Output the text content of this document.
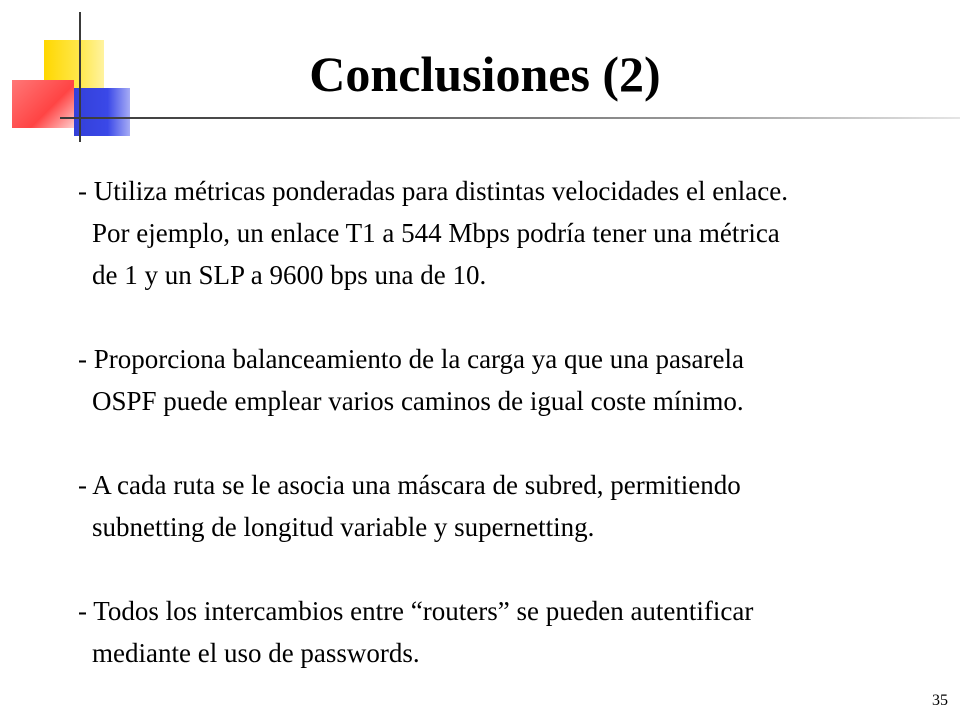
Conclusiones (2)

- Utiliza métricas ponderadas para distintas velocidades el enlace.
Por ejemplo, un enlace T1 a 544 Mbps podría tener una métrica
de 1 y un SLP a 9600 bps una de 10.

- Proporciona balanceamiento de la carga ya que una pasarela
OSPF puede emplear varios caminos de igual coste mínimo.

- A cada ruta se le asocia una máscara de subred, permitiendo
subnetting de longitud variable y supernetting.

- Todos los intercambios entre “routers” se pueden autentificar
mediante el uso de passwords.

35
